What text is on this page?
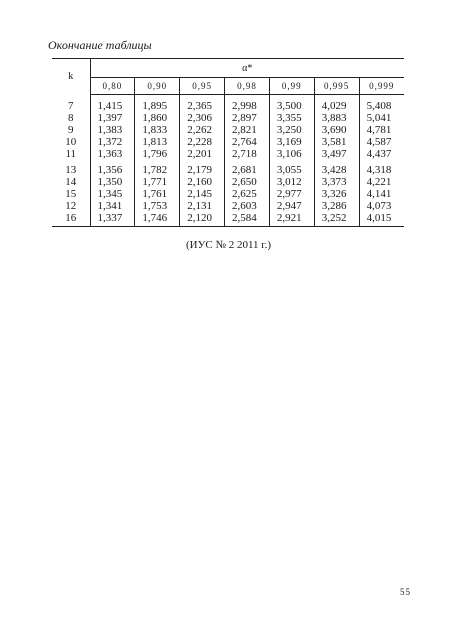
Окончание таблицы
k	α*						
	0,80	0,90	0,95	0,98	0,99	0,995	0,999
7	1,415	1,895	2,365	2,998	3,500	4,029	5,408
8	1,397	1,860	2,306	2,897	3,355	3,883	5,041
9	1,383	1,833	2,262	2,821	3,250	3,690	4,781
10	1,372	1,813	2,228	2,764	3,169	3,581	4,587
11	1,363	1,796	2,201	2,718	3,106	3,497	4,437
13	1,356	1,782	2,179	2,681	3,055	3,428	4,318
14	1,350	1,771	2,160	2,650	3,012	3,373	4,221
15	1,345	1,761	2,145	2,625	2,977	3,326	4,141
12	1,341	1,753	2,131	2,603	2,947	3,286	4,073
16	1,337	1,746	2,120	2,584	2,921	3,252	4,015
(ИУС № 2 2011 г.)
55
